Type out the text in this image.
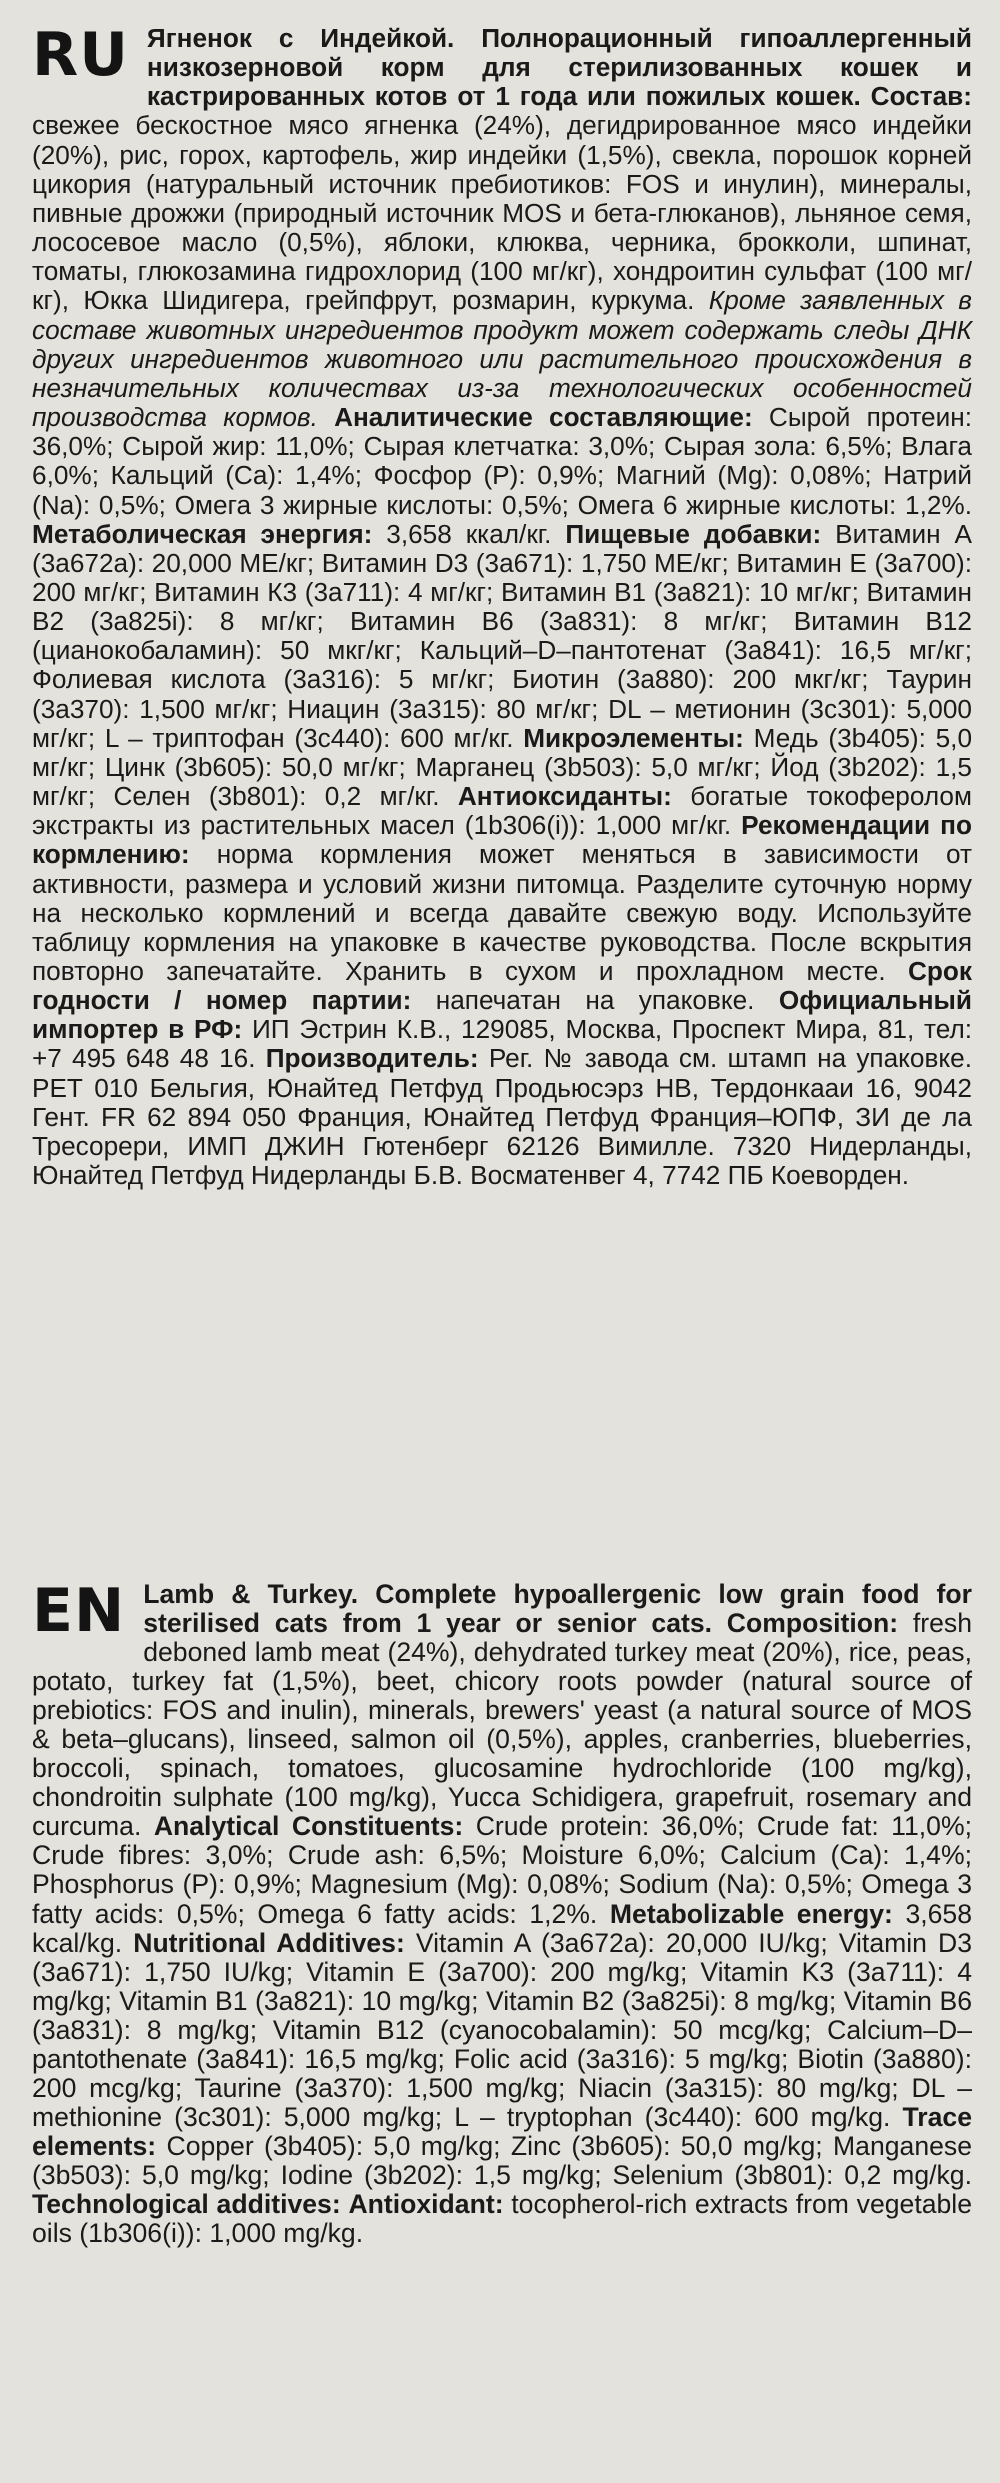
RU Ягненок с Индейкой. Полнорационный гипоаллергенный низкозерновой корм для стерилизованных кошек и кастрированных котов от 1 года или пожилых кошек. Состав: свежее бескостное мясо ягненка (24%), дегидрированное мясо индейки (20%), рис, горох, картофель, жир индейки (1,5%), свекла, порошок корней цикория (натуральный источник пребиотиков: FOS и инулин), минералы, пивные дрожжи (природный источник MOS и бета-глюканов), льняное семя, лососевое масло (0,5%), яблоки, клюква, черника, брокколи, шпинат, томаты, глюкозамина гидрохлорид (100 мг/кг), хондроитин сульфат (100 мг/кг), Юкка Шидигера, грейпфрут, розмарин, куркума. Кроме заявленных в составе животных ингредиентов продукт может содержать следы ДНК других ингредиентов животного или растительного происхождения в незначительных количествах из-за технологических особенностей производства кормов. Аналитические составляющие: Сырой протеин: 36,0%; Сырой жир: 11,0%; Сырая клетчатка: 3,0%; Сырая зола: 6,5%; Влага 6,0%; Кальций (Ca): 1,4%; Фосфор (P): 0,9%; Магний (Mg): 0,08%; Натрий (Na): 0,5%; Омега 3 жирные кислоты: 0,5%; Омега 6 жирные кислоты: 1,2%. Метаболическая энергия: 3,658 ккал/кг. Пищевые добавки: Витамин А (3а672а): 20,000 МЕ/кг; Витамин D3 (3а671): 1,750 МЕ/кг; Витамин Е (3а700): 200 мг/кг; Витамин К3 (3а711): 4 мг/кг; Витамин В1 (3а821): 10 мг/кг; Витамин В2 (3а825i): 8 мг/кг; Витамин В6 (3а831): 8 мг/кг; Витамин В12 (цианокобаламин): 50 мкг/кг; Кальций–D–пантотенат (3а841): 16,5 мг/кг; Фолиевая кислота (3а316): 5 мг/кг; Биотин (3а880): 200 мкг/кг; Таурин (3а370): 1,500 мг/кг; Ниацин (3а315): 80 мг/кг; DL – метионин (3с301): 5,000 мг/кг; L – триптофан (3с440): 600 мг/кг. Микроэлементы: Медь (3b405): 5,0 мг/кг; Цинк (3b605): 50,0 мг/кг; Марганец (3b503): 5,0 мг/кг; Йод (3b202): 1,5 мг/кг; Селен (3b801): 0,2 мг/кг. Антиоксиданты: богатые токоферолом экстракты из растительных масел (1b306(i)): 1,000 мг/кг. Рекомендации по кормлению: норма кормления может меняться в зависимости от активности, размера и условий жизни питомца. Разделите суточную норму на несколько кормлений и всегда давайте свежую воду. Используйте таблицу кормления на упаковке в качестве руководства. После вскрытия повторно запечатайте. Хранить в сухом и прохладном месте. Срок годности / номер партии: напечатан на упаковке. Официальный импортер в РФ: ИП Эстрин К.В., 129085, Москва, Проспект Мира, 81, тел: +7 495 648 48 16. Производитель: Рег. № завода см. штамп на упаковке. PET 010 Бельгия, Юнайтед Петфуд Продьюсэрз НВ, Тердонкааи 16, 9042 Гент. FR 62 894 050 Франция, Юнайтед Петфуд Франция–ЮПФ, ЗИ де ла Тресорери, ИМП ДЖИН Гютенберг 62126 Вимилле. 7320 Нидерланды, Юнайтед Петфуд Нидерланды Б.В. Восматенвег 4, 7742 ПБ Коеворден.

EN Lamb & Turkey. Complete hypoallergenic low grain food for sterilised cats from 1 year or senior cats. Composition: fresh deboned lamb meat (24%), dehydrated turkey meat (20%), rice, peas, potato, turkey fat (1,5%), beet, chicory roots powder (natural source of prebiotics: FOS and inulin), minerals, brewers' yeast (a natural source of MOS & beta–glucans), linseed, salmon oil (0,5%), apples, cranberries, blueberries, broccoli, spinach, tomatoes, glucosamine hydrochloride (100 mg/kg), chondroitin sulphate (100 mg/kg), Yucca Schidigera, grapefruit, rosemary and curcuma. Analytical Constituents: Crude protein: 36,0%; Crude fat: 11,0%; Crude fibres: 3,0%; Crude ash: 6,5%; Moisture 6,0%; Calcium (Ca): 1,4%; Phosphorus (P): 0,9%; Magnesium (Mg): 0,08%; Sodium (Na): 0,5%; Omega 3 fatty acids: 0,5%; Omega 6 fatty acids: 1,2%. Metabolizable energy: 3,658 kcal/kg. Nutritional Additives: Vitamin A (3a672a): 20,000 IU/kg; Vitamin D3 (3a671): 1,750 IU/kg; Vitamin E (3a700): 200 mg/kg; Vitamin K3 (3a711): 4 mg/kg; Vitamin B1 (3a821): 10 mg/kg; Vitamin B2 (3a825i): 8 mg/kg; Vitamin B6 (3a831): 8 mg/kg; Vitamin B12 (cyanocobalamin): 50 mcg/kg; Calcium–D–pantothenate (3a841): 16,5 mg/kg; Folic acid (3a316): 5 mg/kg; Biotin (3a880): 200 mcg/kg; Taurine (3a370): 1,500 mg/kg; Niacin (3a315): 80 mg/kg; DL – methionine (3c301): 5,000 mg/kg; L – tryptophan (3c440): 600 mg/kg. Trace elements: Copper (3b405): 5,0 mg/kg; Zinc (3b605): 50,0 mg/kg; Manganese (3b503): 5,0 mg/kg; Iodine (3b202): 1,5 mg/kg; Selenium (3b801): 0,2 mg/kg. Technological additives: Antioxidant: tocopherol-rich extracts from vegetable oils (1b306(i)): 1,000 mg/kg.
